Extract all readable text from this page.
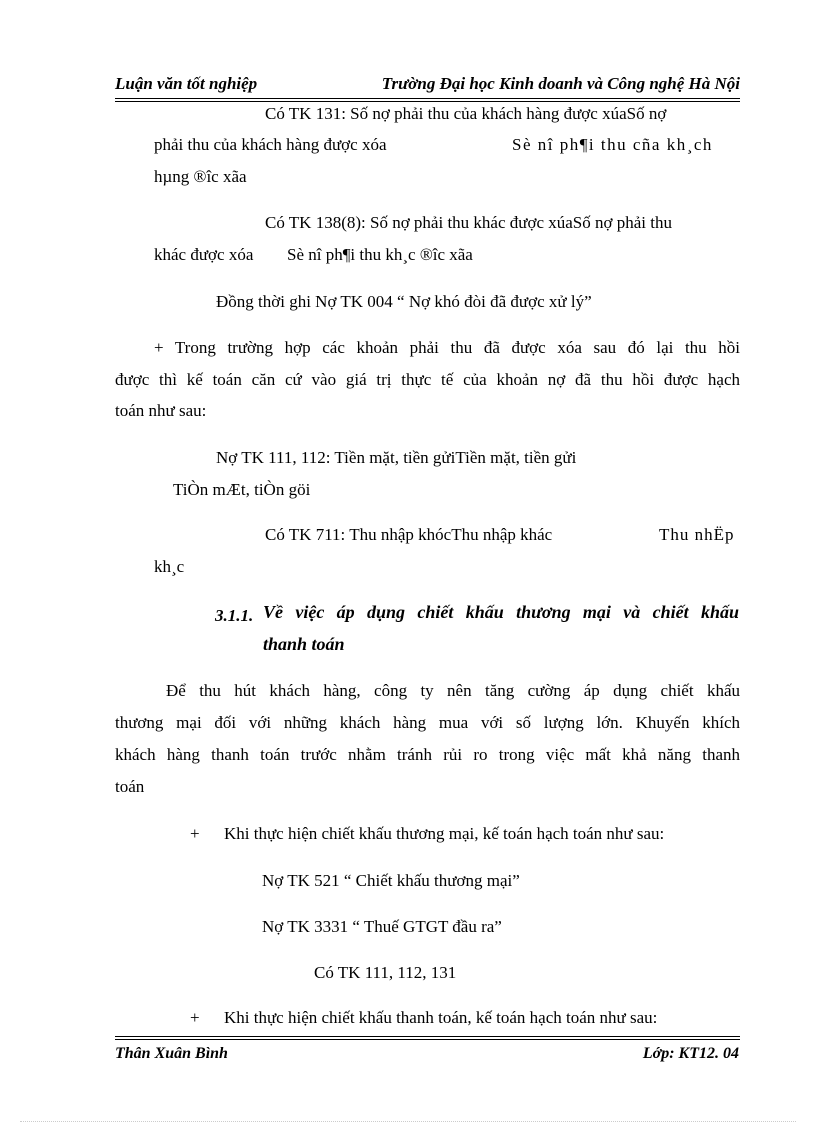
Luận văn tốt nghiệp	Trường Đại học Kinh doanh và Công nghệ Hà Nội
Có TK 131: Số nợ phải thu của khách hàng được xúaSố nợ
phải thu của khách hàng được xóa	Sè nî ph¶i thu cña kh¸ch
hµng ®îc xãa
Có TK 138(8): Số nợ phải thu khác được xúaSố nợ phải thu
khác được xóa Sè nî ph¶i thu kh¸c ®îc xãa
Đồng thời ghi Nợ TK 004 “ Nợ khó đòi đã được xử lý”
+ Trong trường hợp các khoản phải thu đã được xóa sau đó lại thu hồi
được thì kế toán căn cứ vào giá trị thực tế của khoản nợ đã thu hồi được hạch
toán như sau:
Nợ TK 111, 112: Tiền mặt, tiền gửiTiền mặt, tiền gửi
TiÒn mÆt, tiÒn göi
Có TK 711: Thu nhập khócThu nhập khác	Thu nhËp
kh¸c
3.1.1. Về việc áp dụng chiết khấu thương mại và chiết khấu
thanh toán
Để thu hút khách hàng, công ty nên tăng cường áp dụng chiết khấu
thương mại đối với những khách hàng mua với số lượng lớn. Khuyến khích
khách hàng thanh toán trước nhằm tránh rủi ro trong việc mất khả năng thanh
toán
+ Khi thực hiện chiết khấu thương mại, kế toán hạch toán như sau:
Nợ TK 521 “ Chiết khấu thương mại”
Nợ TK 3331 “ Thuế GTGT đầu ra”
Có TK 111, 112, 131
+ Khi thực hiện chiết khấu thanh toán, kế toán hạch toán như sau:
Thân Xuân Bình	Lớp: KT12. 04
